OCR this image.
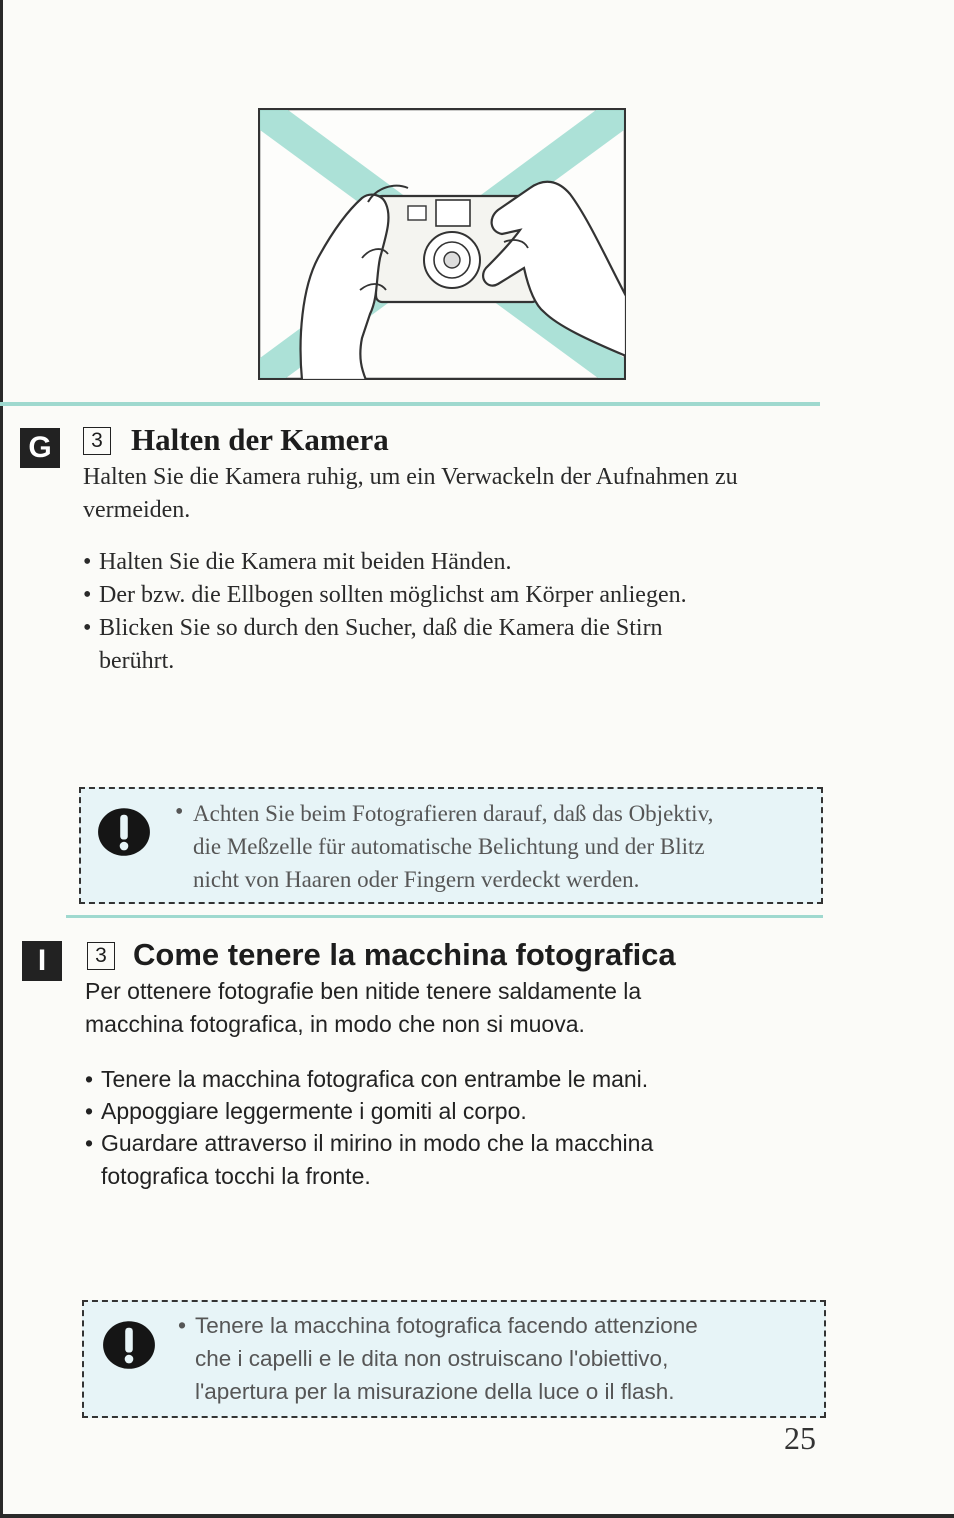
G	3 Halten der Kamera
Halten Sie die Kamera ruhig, um ein Verwackeln der Aufnahmen zu
vermeiden.
• Halten Sie die Kamera mit beiden Händen.
• Der bzw. die Ellbogen sollten möglichst am Körper anliegen.
• Blicken Sie so durch den Sucher, daß die Kamera die Stirn
berührt.
• Achten Sie beim Fotografieren darauf, daß das Objektiv,
die Meßzelle für automatische Belichtung und der Blitz
nicht von Haaren oder Fingern verdeckt werden.
I	3 Come tenere la macchina fotografica
Per ottenere fotografie ben nitide tenere saldamente la
macchina fotografica, in modo che non si muova.
• Tenere la macchina fotografica con entrambe le mani.
• Appoggiare leggermente i gomiti al corpo.
• Guardare attraverso il mirino in modo che la macchina
fotografica tocchi la fronte.
• Tenere la macchina fotografica facendo attenzione
che i capelli e le dita non ostruiscano l'obiettivo,
l'apertura per la misurazione della luce o il flash.
25
